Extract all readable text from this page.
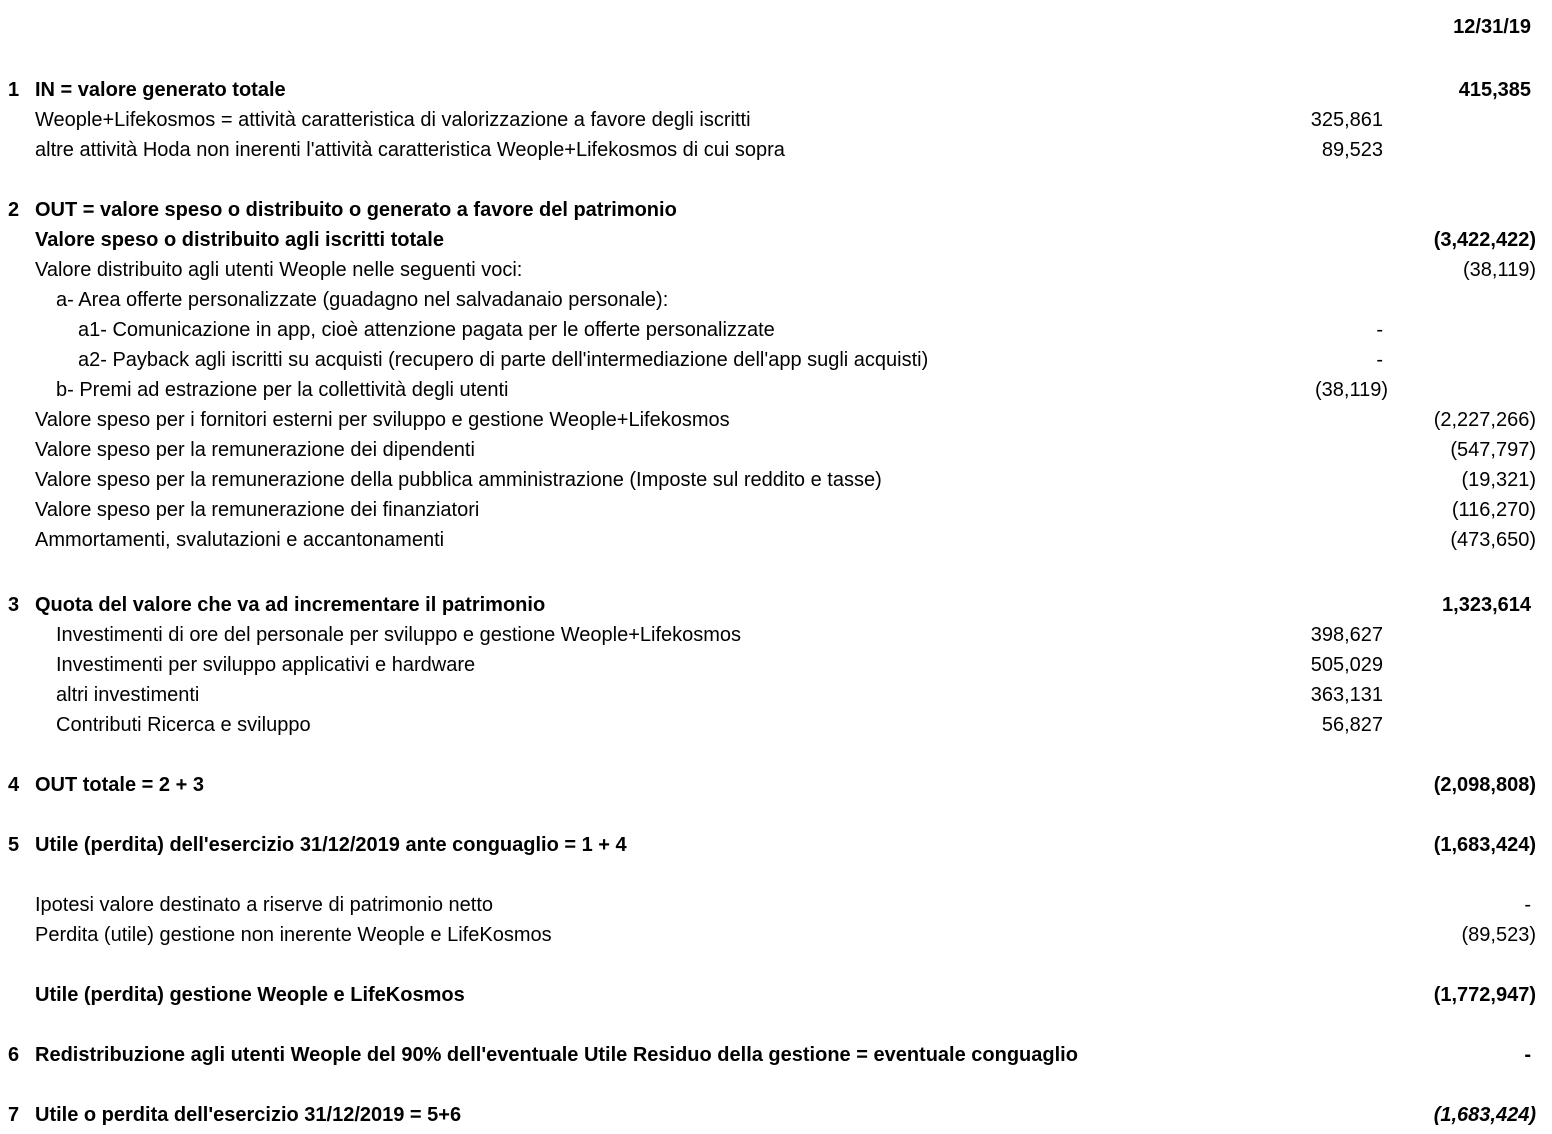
12/31/19
1 IN = valore generato totale	415,385
Weople+Lifekosmos = attività caratteristica di valorizzazione a favore degli iscritti	325,861
altre attività Hoda non inerenti l'attività caratteristica Weople+Lifekosmos di cui sopra	89,523
2 OUT = valore speso o distribuito o generato a favore del patrimonio
Valore speso o distribuito agli iscritti totale	(3,422,422)
Valore distribuito agli utenti Weople nelle seguenti voci:	(38,119)
a- Area offerte personalizzate (guadagno nel salvadanaio personale):
a1- Comunicazione in app, cioè attenzione pagata per le offerte personalizzate	-
a2- Payback agli iscritti su acquisti (recupero di parte dell'intermediazione dell'app sugli acquisti)	-
b- Premi ad estrazione per la collettività degli utenti	(38,119)
Valore speso per i fornitori esterni per sviluppo e gestione Weople+Lifekosmos	(2,227,266)
Valore speso per la remunerazione dei dipendenti	(547,797)
Valore speso per la remunerazione della pubblica amministrazione (Imposte sul reddito e tasse)	(19,321)
Valore speso per la remunerazione dei finanziatori	(116,270)
Ammortamenti, svalutazioni e accantonamenti	(473,650)
3 Quota del valore che va ad incrementare il patrimonio	1,323,614
Investimenti di ore del personale per sviluppo e gestione Weople+Lifekosmos	398,627
Investimenti per sviluppo applicativi e hardware	505,029
altri investimenti	363,131
Contributi Ricerca e sviluppo	56,827
4 OUT totale = 2 + 3	(2,098,808)
5 Utile (perdita) dell'esercizio 31/12/2019 ante conguaglio = 1 + 4	(1,683,424)
Ipotesi valore destinato a riserve di patrimonio netto	-
Perdita (utile) gestione non inerente Weople e LifeKosmos	(89,523)
Utile (perdita) gestione Weople e LifeKosmos	(1,772,947)
6 Redistribuzione agli utenti Weople del 90% dell'eventuale Utile Residuo della gestione = eventuale conguaglio	-
7 Utile o perdita dell'esercizio 31/12/2019 = 5+6	(1,683,424)
